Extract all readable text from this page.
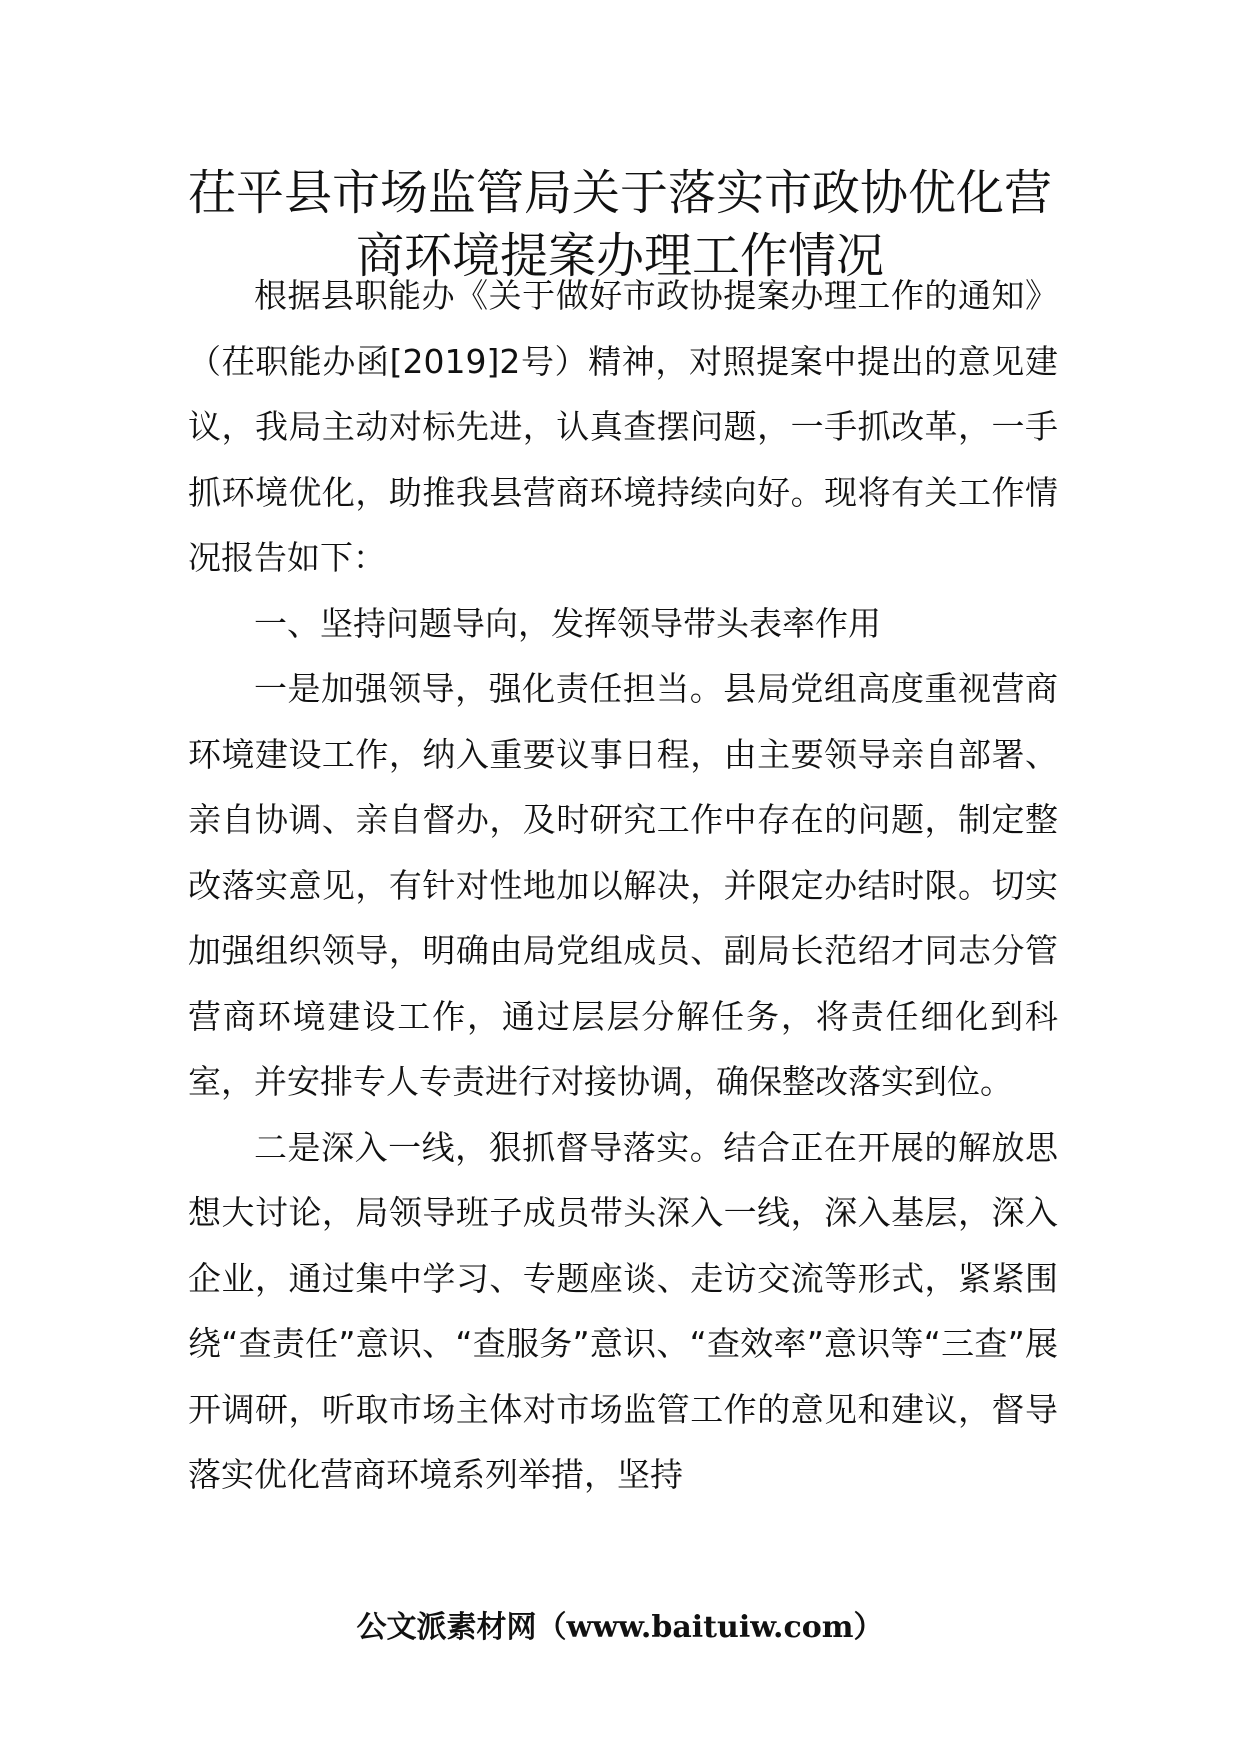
茌平县市场监管局关于落实市政协优化营
商环境提案办理工作情况

根据县职能办《关于做好市政协提案办理工作的通知》（茌职能办函[2019]2号）精神，对照提案中提出的意见建议，我局主动对标先进，认真查摆问题，一手抓改革，一手抓环境优化，助推我县营商环境持续向好。现将有关工作情况报告如下：

一、坚持问题导向，发挥领导带头表率作用

一是加强领导，强化责任担当。县局党组高度重视营商环境建设工作，纳入重要议事日程，由主要领导亲自部署、亲自协调、亲自督办，及时研究工作中存在的问题，制定整改落实意见，有针对性地加以解决，并限定办结时限。切实加强组织领导，明确由局党组成员、副局长范绍才同志分管营商环境建设工作，通过层层分解任务，将责任细化到科室，并安排专人专责进行对接协调，确保整改落实到位。

二是深入一线，狠抓督导落实。结合正在开展的解放思想大讨论，局领导班子成员带头深入一线，深入基层，深入企业，通过集中学习、专题座谈、走访交流等形式，紧紧围绕“查责任”意识、“查服务”意识、“查效率”意识等“三查”展开调研，听取市场主体对市场监管工作的意见和建议，督导落实优化营商环境系列举措，坚持

公文派素材网（www.baituiw.com）
